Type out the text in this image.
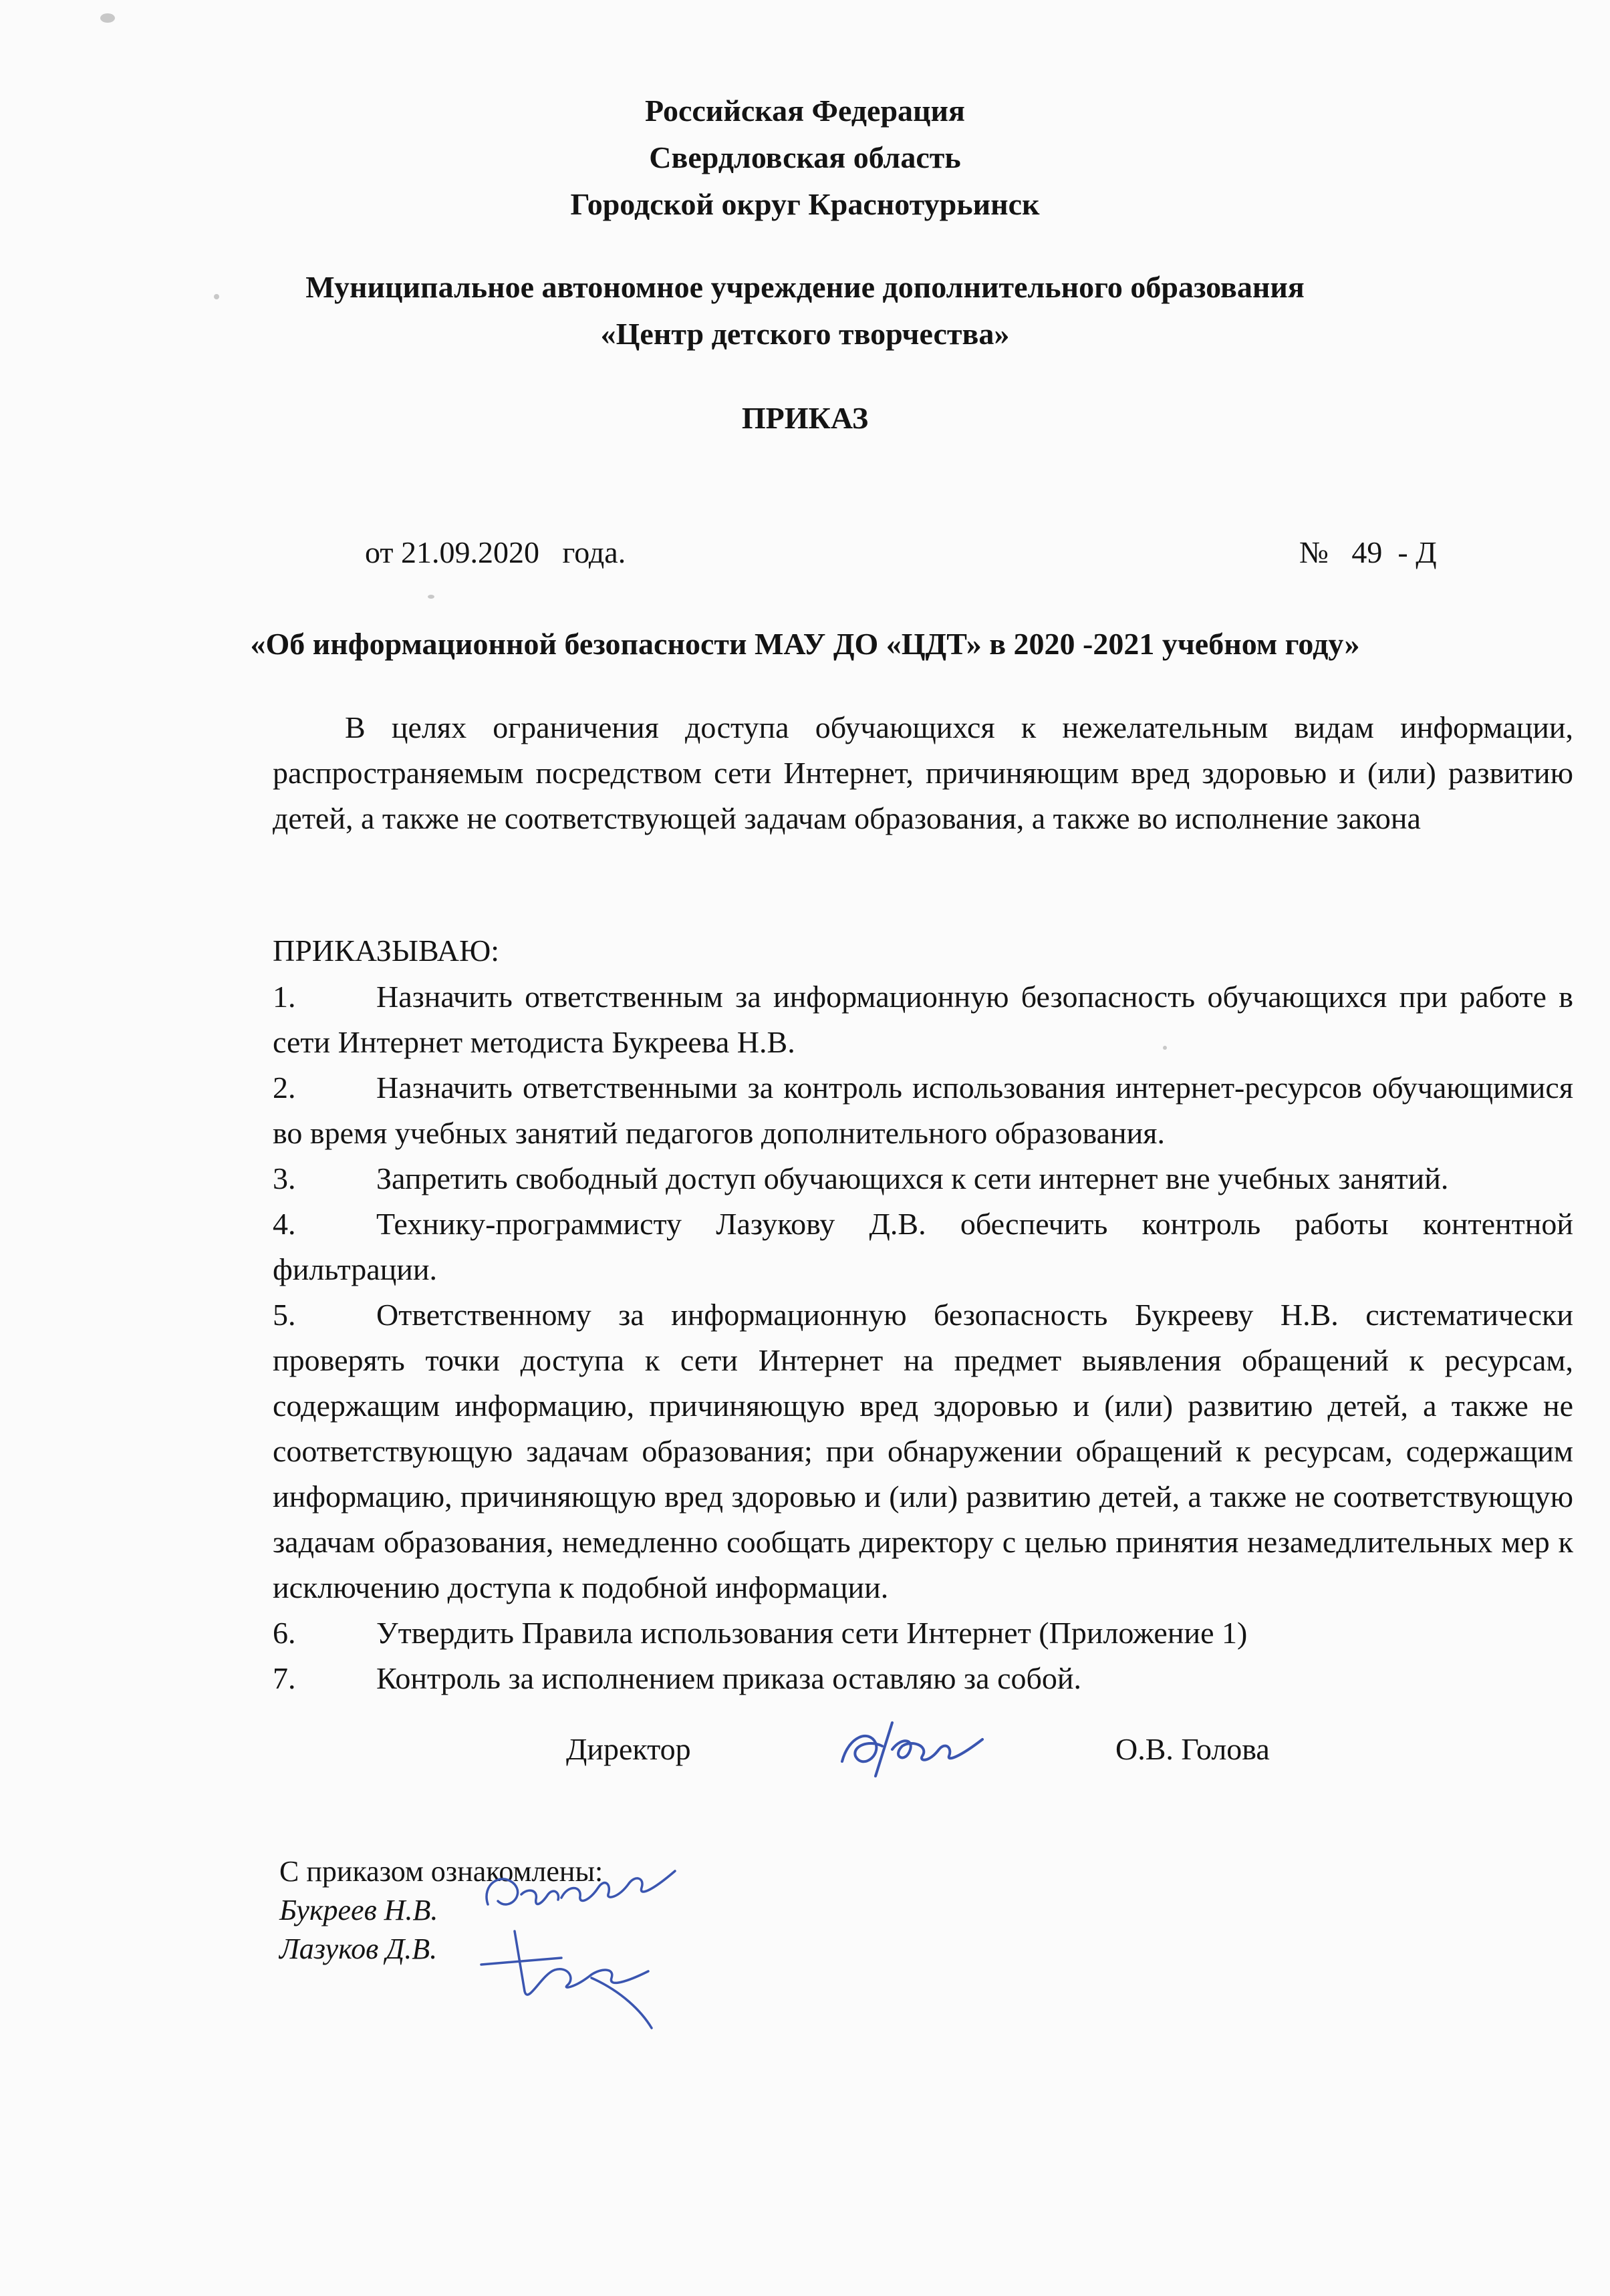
Российская Федерация
Свердловская область
Городской округ Краснотурьинск
Муниципальное автономное учреждение дополнительного образования
«Центр детского творчества»
ПРИКАЗ
от 21.09.2020   года.	№   49  - Д
«Об информационной безопасности МАУ ДО «ЦДТ» в 2020 -2021 учебном году»

В целях ограничения доступа обучающихся к нежелательным видам информации, распространяемым посредством сети Интернет, причиняющим вред здоровью и (или) развитию детей, а также не соответствующей задачам образования, а также во исполнение закона

ПРИКАЗЫВАЮ:

1.	Назначить ответственным за информационную безопасность обучающихся при работе в сети Интернет методиста Букреева Н.В.

2.	Назначить ответственными за контроль использования интернет-ресурсов обучающимися во время учебных занятий педагогов дополнительного образования.

3.	Запретить свободный доступ обучающихся к сети интернет вне учебных занятий.

4.	Технику-программисту Лазукову Д.В. обеспечить контроль работы контентной фильтрации.

5.	Ответственному за информационную безопасность Букрееву Н.В. систематически проверять точки доступа к сети Интернет на предмет выявления обращений к ресурсам, содержащим информацию, причиняющую вред здоровью и (или) развитию детей, а также не соответствующую задачам образования; при обнаружении обращений к ресурсам, содержащим информацию, причиняющую вред здоровью и (или) развитию детей, а также не соответствующую задачам образования, немедленно сообщать директору с целью принятия незамедлительных мер к исключению доступа к подобной информации.

6.	Утвердить Правила использования сети Интернет (Приложение 1)

7.	Контроль за исполнением приказа оставляю за собой.

Директор	О.В. Голова
С приказом ознакомлены:
Букреев Н.В.
Лазуков Д.В.
